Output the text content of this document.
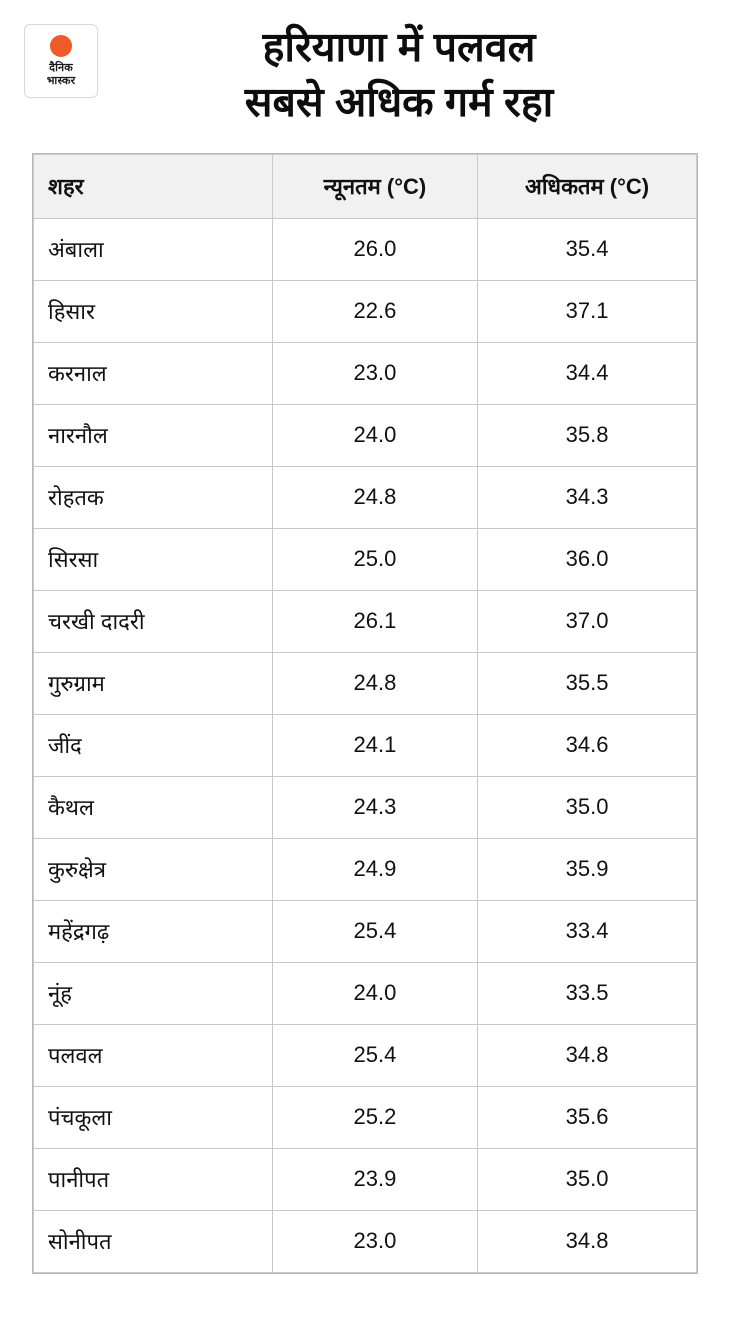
दैनिक
भास्कर
हरियाणा में पलवल
सबसे अधिक गर्म रहा
शहर	न्यूनतम (°C)	अधिकतम (°C)
अंबाला	26.0	35.4
हिसार	22.6	37.1
करनाल	23.0	34.4
नारनौल	24.0	35.8
रोहतक	24.8	34.3
सिरसा	25.0	36.0
चरखी दादरी	26.1	37.0
गुरुग्राम	24.8	35.5
जींद	24.1	34.6
कैथल	24.3	35.0
कुरुक्षेत्र	24.9	35.9
महेंद्रगढ़	25.4	33.4
नूंह	24.0	33.5
पलवल	25.4	34.8
पंचकूला	25.2	35.6
पानीपत	23.9	35.0
सोनीपत	23.0	34.8
